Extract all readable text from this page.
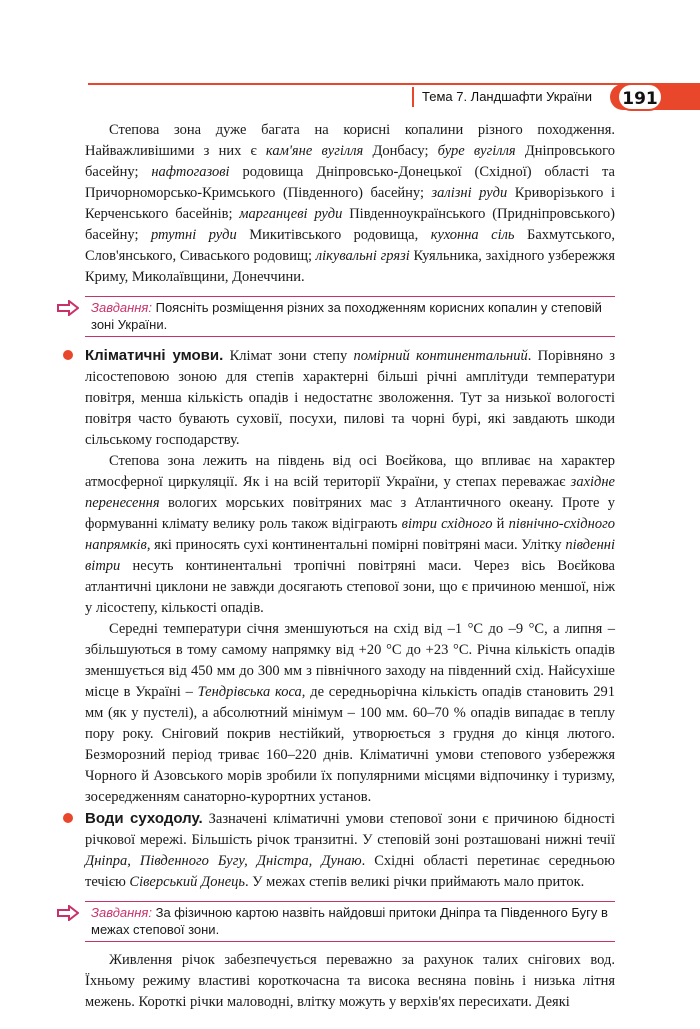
Тема 7. Ландшафти України	191

Степова зона дуже багата на корисні копалини різного походження. Найважливішими з них є кам'яне вугілля Донбасу; буре вугілля Дніпровського басейну; нафтогазові родовища Дніпровсько-Донецької (Східної) області та Причорноморсько-Кримського (Південного) басейну; залізні руди Криворізького і Керченського басейнів; марганцеві руди Південноукраїнського (Придніпровського) басейну; ртутні руди Микитівського родовища, кухонна сіль Бахмутського, Слов'янського, Сиваського родовищ; лікувальні грязі Куяльника, західного узбережжя Криму, Миколаївщини, Донеччини.

Завдання: Поясніть розміщення різних за походженням корисних копалин у степовій зоні України.

Кліматичні умови. Клімат зони степу помірний континентальний. Порівняно з лісостеповою зоною для степів характерні більші річні амплітуди температури повітря, менша кількість опадів і недостатнє зволоження. Тут за низької вологості повітря часто бувають суховії, посухи, пилові та чорні бурі, які завдають шкоди сільському господарству.

Степова зона лежить на південь від осі Воєйкова, що впливає на характер атмосферної циркуляції. Як і на всій території України, у степах переважає західне перенесення вологих морських повітряних мас з Атлантичного океану. Проте у формуванні клімату велику роль також відіграють вітри східного й північно-східного напрямків, які приносять сухі континентальні помірні повітряні маси. Улітку південні вітри несуть континентальні тропічні повітряні маси. Через вісь Воєйкова атлантичні циклони не завжди досягають степової зони, що є причиною меншої, ніж у лісостепу, кількості опадів.

Середні температури січня зменшуються на схід від –1 °С до –9 °С, а липня – збільшуються в тому самому напрямку від +20 °С до +23 °С. Річна кількість опадів зменшується від 450 мм до 300 мм з північного заходу на південний схід. Найсухіше місце в Україні – Тендрівська коса, де середньорічна кількість опадів становить 291 мм (як у пустелі), а абсолютний мінімум – 100 мм. 60–70 % опадів випадає в теплу пору року. Сніговий покрив нестійкий, утворюється з грудня до кінця лютого. Безморозний період триває 160–220 днів. Кліматичні умови степового узбережжя Чорного й Азовського морів зробили їх популярними місцями відпочинку і туризму, зосередженням санаторно-курортних установ.

Води суходолу. Зазначені кліматичні умови степової зони є причиною бідності річкової мережі. Більшість річок транзитні. У степовій зоні розташовані нижні течії Дніпра, Південного Бугу, Дністра, Дунаю. Східні області перетинає середньою течією Сіверський Донець. У межах степів великі річки приймають мало приток.

Завдання: За фізичною картою назвіть найдовші притоки Дніпра та Південного Бугу в межах степової зони.

Живлення річок забезпечується переважно за рахунок талих снігових вод. Їхньому режиму властиві короткочасна та висока весняна повінь і низька літня межень. Короткі річки маловодні, влітку можуть у верхів'ях пересихати. Деякі
